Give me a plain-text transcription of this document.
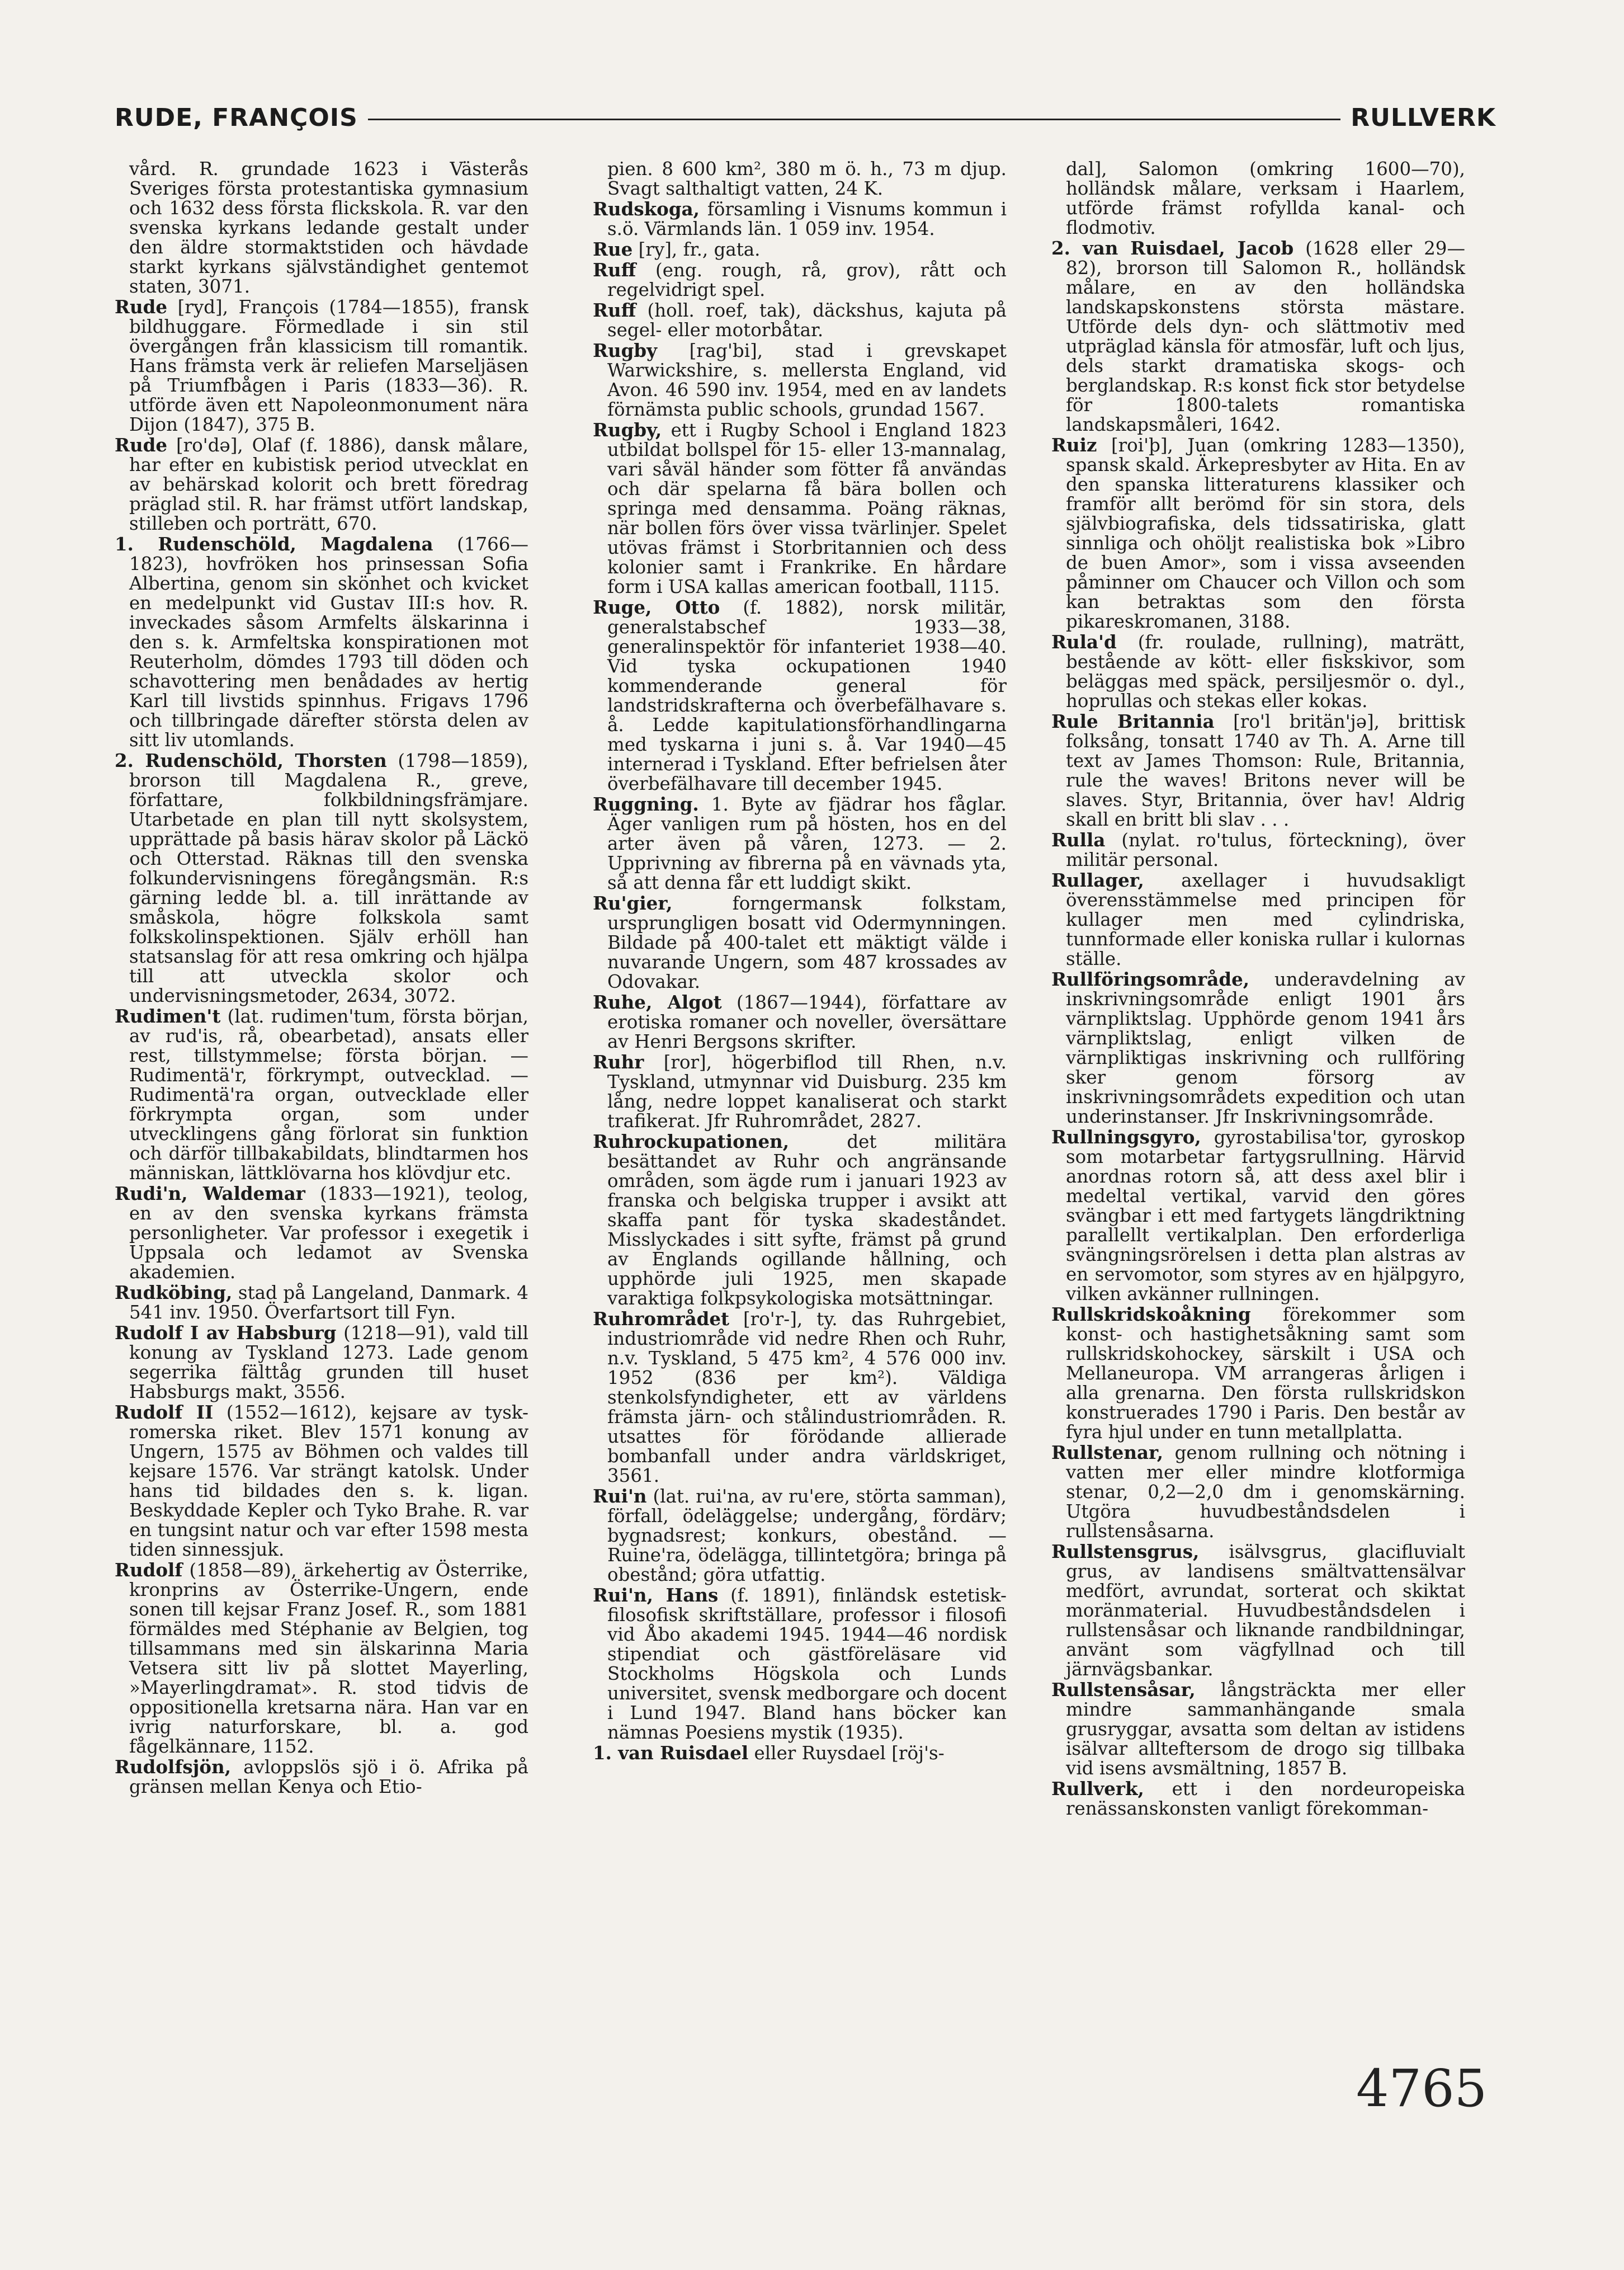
RUDE, FRANÇOIS	RULLVERK
vård. R. grundade 1623 i Västerås Sveriges första protestantiska gymnasium och 1632 dess första flickskola. R. var den svenska kyrkans ledande gestalt under den äldre stormaktstiden och hävdade starkt kyrkans självständighet gentemot staten, 3071.
Rude [ryd], François (1784—1855), fransk bildhuggare. Förmedlade i sin stil övergången från klassicism till romantik. Hans främsta verk är reliefen Marseljäsen på Triumfbågen i Paris (1833—36). R. utförde även ett Napoleonmonument nära Dijon (1847), 375 B.
Rude [ro'də], Olaf (f. 1886), dansk målare, har efter en kubistisk period utvecklat en av behärskad kolorit och brett föredrag präglad stil. R. har främst utfört landskap, stilleben och porträtt, 670.
1. Rudenschöld, Magdalena (1766—1823), hovfröken hos prinsessan Sofia Albertina, genom sin skönhet och kvicket en medelpunkt vid Gustav III:s hov. R. inveckades såsom Armfelts älskarinna i den s. k. Armfeltska konspirationen mot Reuterholm, dömdes 1793 till döden och schavottering men benådades av hertig Karl till livstids spinnhus. Frigavs 1796 och tillbringade därefter största delen av sitt liv utomlands.
2. Rudenschöld, Thorsten (1798—1859), brorson till Magdalena R., greve, författare, folkbildningsfrämjare. Utarbetade en plan till nytt skolsystem, upprättade på basis härav skolor på Läckö och Otterstad. Räknas till den svenska folkundervisningens föregångsmän. R:s gärning ledde bl. a. till inrättande av småskola, högre folkskola samt folkskolinspektionen. Själv erhöll han statsanslag för att resa omkring och hjälpa till att utveckla skolor och undervisningsmetoder, 2634, 3072.
Rudimen't (lat. rudimen'tum, första början, av rud'is, rå, obearbetad), ansats eller rest, tillstymmelse; första början. — Rudimentä'r, förkrympt, outvecklad. — Rudimentä'ra organ, outvecklade eller förkrympta organ, som under utvecklingens gång förlorat sin funktion och därför tillbakabildats, blindtarmen hos människan, lättklövarna hos klövdjur etc.
Rudi'n, Waldemar (1833—1921), teolog, en av den svenska kyrkans främsta personligheter. Var professor i exegetik i Uppsala och ledamot av Svenska akademien.
Rudköbing, stad på Langeland, Danmark. 4 541 inv. 1950. Överfartsort till Fyn.
Rudolf I av Habsburg (1218—91), vald till konung av Tyskland 1273. Lade genom segerrika fälttåg grunden till huset Habsburgs makt, 3556.
Rudolf II (1552—1612), kejsare av tysk-romerska riket. Blev 1571 konung av Ungern, 1575 av Böhmen och valdes till kejsare 1576. Var strängt katolsk. Under hans tid bildades den s. k. ligan. Beskyddade Kepler och Tyko Brahe. R. var en tungsint natur och var efter 1598 mesta tiden sinnessjuk.
Rudolf (1858—89), ärkehertig av Österrike, kronprins av Österrike-Ungern, ende sonen till kejsar Franz Josef. R., som 1881 förmäldes med Stéphanie av Belgien, tog tillsammans med sin älskarinna Maria Vetsera sitt liv på slottet Mayerling, »Mayerlingdramat». R. stod tidvis de oppositionella kretsarna nära. Han var en ivrig naturforskare, bl. a. god fågelkännare, 1152.
Rudolfsjön, avloppslös sjö i ö. Afrika på gränsen mellan Kenya och Etio-
pien. 8 600 km², 380 m ö. h., 73 m djup. Svagt salthaltigt vatten, 24 K.
Rudskoga, församling i Visnums kommun i s.ö. Värmlands län. 1 059 inv. 1954.
Rue [ry], fr., gata.
Ruff (eng. rough, rå, grov), rått och regelvidrigt spel.
Ruff (holl. roef, tak), däckshus, kajuta på segel- eller motorbåtar.
Rugby [rag'bi], stad i grevskapet Warwickshire, s. mellersta England, vid Avon. 46 590 inv. 1954, med en av landets förnämsta public schools, grundad 1567.
Rugby, ett i Rugby School i England 1823 utbildat bollspel för 15- eller 13-mannalag, vari såväl händer som fötter få användas och där spelarna få bära bollen och springa med densamma. Poäng räknas, när bollen förs över vissa tvärlinjer. Spelet utövas främst i Storbritannien och dess kolonier samt i Frankrike. En hårdare form i USA kallas american football, 1115.
Ruge, Otto (f. 1882), norsk militär, generalstabschef 1933—38, generalinspektör för infanteriet 1938—40. Vid tyska ockupationen 1940 kommenderande general för landstridskrafterna och överbefälhavare s. å. Ledde kapitulationsförhandlingarna med tyskarna i juni s. å. Var 1940—45 internerad i Tyskland. Efter befrielsen åter överbefälhavare till december 1945.
Ruggning. 1. Byte av fjädrar hos fåglar. Äger vanligen rum på hösten, hos en del arter även på våren, 1273. — 2. Upprivning av fibrerna på en vävnads yta, så att denna får ett luddigt skikt.
Ru'gier, forngermansk folkstam, ursprungligen bosatt vid Odermynningen. Bildade på 400-talet ett mäktigt välde i nuvarande Ungern, som 487 krossades av Odovakar.
Ruhe, Algot (1867—1944), författare av erotiska romaner och noveller, översättare av Henri Bergsons skrifter.
Ruhr [ror], högerbiflod till Rhen, n.v. Tyskland, utmynnar vid Duisburg. 235 km lång, nedre loppet kanaliserat och starkt trafikerat. Jfr Ruhrområdet, 2827.
Ruhrockupationen, det militära besättandet av Ruhr och angränsande områden, som ägde rum i januari 1923 av franska och belgiska trupper i avsikt att skaffa pant för tyska skadeståndet. Misslyckades i sitt syfte, främst på grund av Englands ogillande hållning, och upphörde juli 1925, men skapade varaktiga folkpsykologiska motsättningar.
Ruhrområdet [ro'r-], ty. das Ruhrgebiet, industriområde vid nedre Rhen och Ruhr, n.v. Tyskland, 5 475 km², 4 576 000 inv. 1952 (836 per km²). Väldiga stenkolsfyndigheter, ett av världens främsta järn- och stålindustriområden. R. utsattes för förödande allierade bombanfall under andra världskriget, 3561.
Rui'n (lat. rui'na, av ru'ere, störta samman), förfall, ödeläggelse; undergång, fördärv; bygnadsrest; konkurs, obestånd. — Ruine'ra, ödelägga, tillintetgöra; bringa på obestånd; göra utfattig.
Rui'n, Hans (f. 1891), finländsk estetisk-filosofisk skriftställare, professor i filosofi vid Åbo akademi 1945. 1944—46 nordisk stipendiat och gästföreläsare vid Stockholms Högskola och Lunds universitet, svensk medborgare och docent i Lund 1947. Bland hans böcker kan nämnas Poesiens mystik (1935).
1. van Ruisdael eller Ruysdael [röj's-
dal], Salomon (omkring 1600—70), holländsk målare, verksam i Haarlem, utförde främst rofyllda kanal- och flodmotiv.
2. van Ruisdael, Jacob (1628 eller 29—82), brorson till Salomon R., holländsk målare, en av den holländska landskapskonstens största mästare. Utförde dels dyn- och slättmotiv med utpräglad känsla för atmosfär, luft och ljus, dels starkt dramatiska skogs- och berglandskap. R:s konst fick stor betydelse för 1800-talets romantiska landskapsmåleri, 1642.
Ruiz [roi'þ], Juan (omkring 1283—1350), spansk skald. Ärkepresbyter av Hita. En av den spanska litteraturens klassiker och framför allt berömd för sin stora, dels självbiografiska, dels tidssatiriska, glatt sinnliga och ohöljt realistiska bok »Libro de buen Amor», som i vissa avseenden påminner om Chaucer och Villon och som kan betraktas som den första pikareskromanen, 3188.
Rula'd (fr. roulade, rullning), maträtt, bestående av kött- eller fiskskivor, som beläggas med späck, persiljesmör o. dyl., hoprullas och stekas eller kokas.
Rule Britannia [ro'l britän'jə], brittisk folksång, tonsatt 1740 av Th. A. Arne till text av James Thomson: Rule, Britannia, rule the waves! Britons never will be slaves. Styr, Britannia, över hav! Aldrig skall en britt bli slav . . .
Rulla (nylat. ro'tulus, förteckning), över militär personal.
Rullager, axellager i huvudsakligt överensstämmelse med principen för kullager men med cylindriska, tunnformade eller koniska rullar i kulornas ställe.
Rullföringsområde, underavdelning av inskrivningsområde enligt 1901 års värnpliktslag. Upphörde genom 1941 års värnpliktslag, enligt vilken de värnpliktigas inskrivning och rullföring sker genom försorg av inskrivningsområdets expedition och utan underinstanser. Jfr Inskrivningsområde.
Rullningsgyro, gyrostabilisa'tor, gyroskop som motarbetar fartygsrullning. Härvid anordnas rotorn så, att dess axel blir i medeltal vertikal, varvid den göres svängbar i ett med fartygets längdriktning parallellt vertikalplan. Den erforderliga svängningsrörelsen i detta plan alstras av en servomotor, som styres av en hjälpgyro, vilken avkänner rullningen.
Rullskridskoåkning förekommer som konst- och hastighetsåkning samt som rullskridskohockey, särskilt i USA och Mellaneuropa. VM arrangeras årligen i alla grenarna. Den första rullskridskon konstruerades 1790 i Paris. Den består av fyra hjul under en tunn metallplatta.
Rullstenar, genom rullning och nötning i vatten mer eller mindre klotformiga stenar, 0,2—2,0 dm i genomskärning. Utgöra huvudbeståndsdelen i rullstensåsarna.
Rullstensgrus, isälvsgrus, glacifluvialt grus, av landisens smältvattensälvar medfört, avrundat, sorterat och skiktat moränmaterial. Huvudbeståndsdelen i rullstensåsar och liknande randbildningar, använt som vägfyllnad och till järnvägsbankar.
Rullstensåsar, långsträckta mer eller mindre sammanhängande smala grusryggar, avsatta som deltan av istidens isälvar allteftersom de drogo sig tillbaka vid isens avsmältning, 1857 B.
Rullverk, ett i den nordeuropeiska renässanskonsten vanligt förekomman-
4765
